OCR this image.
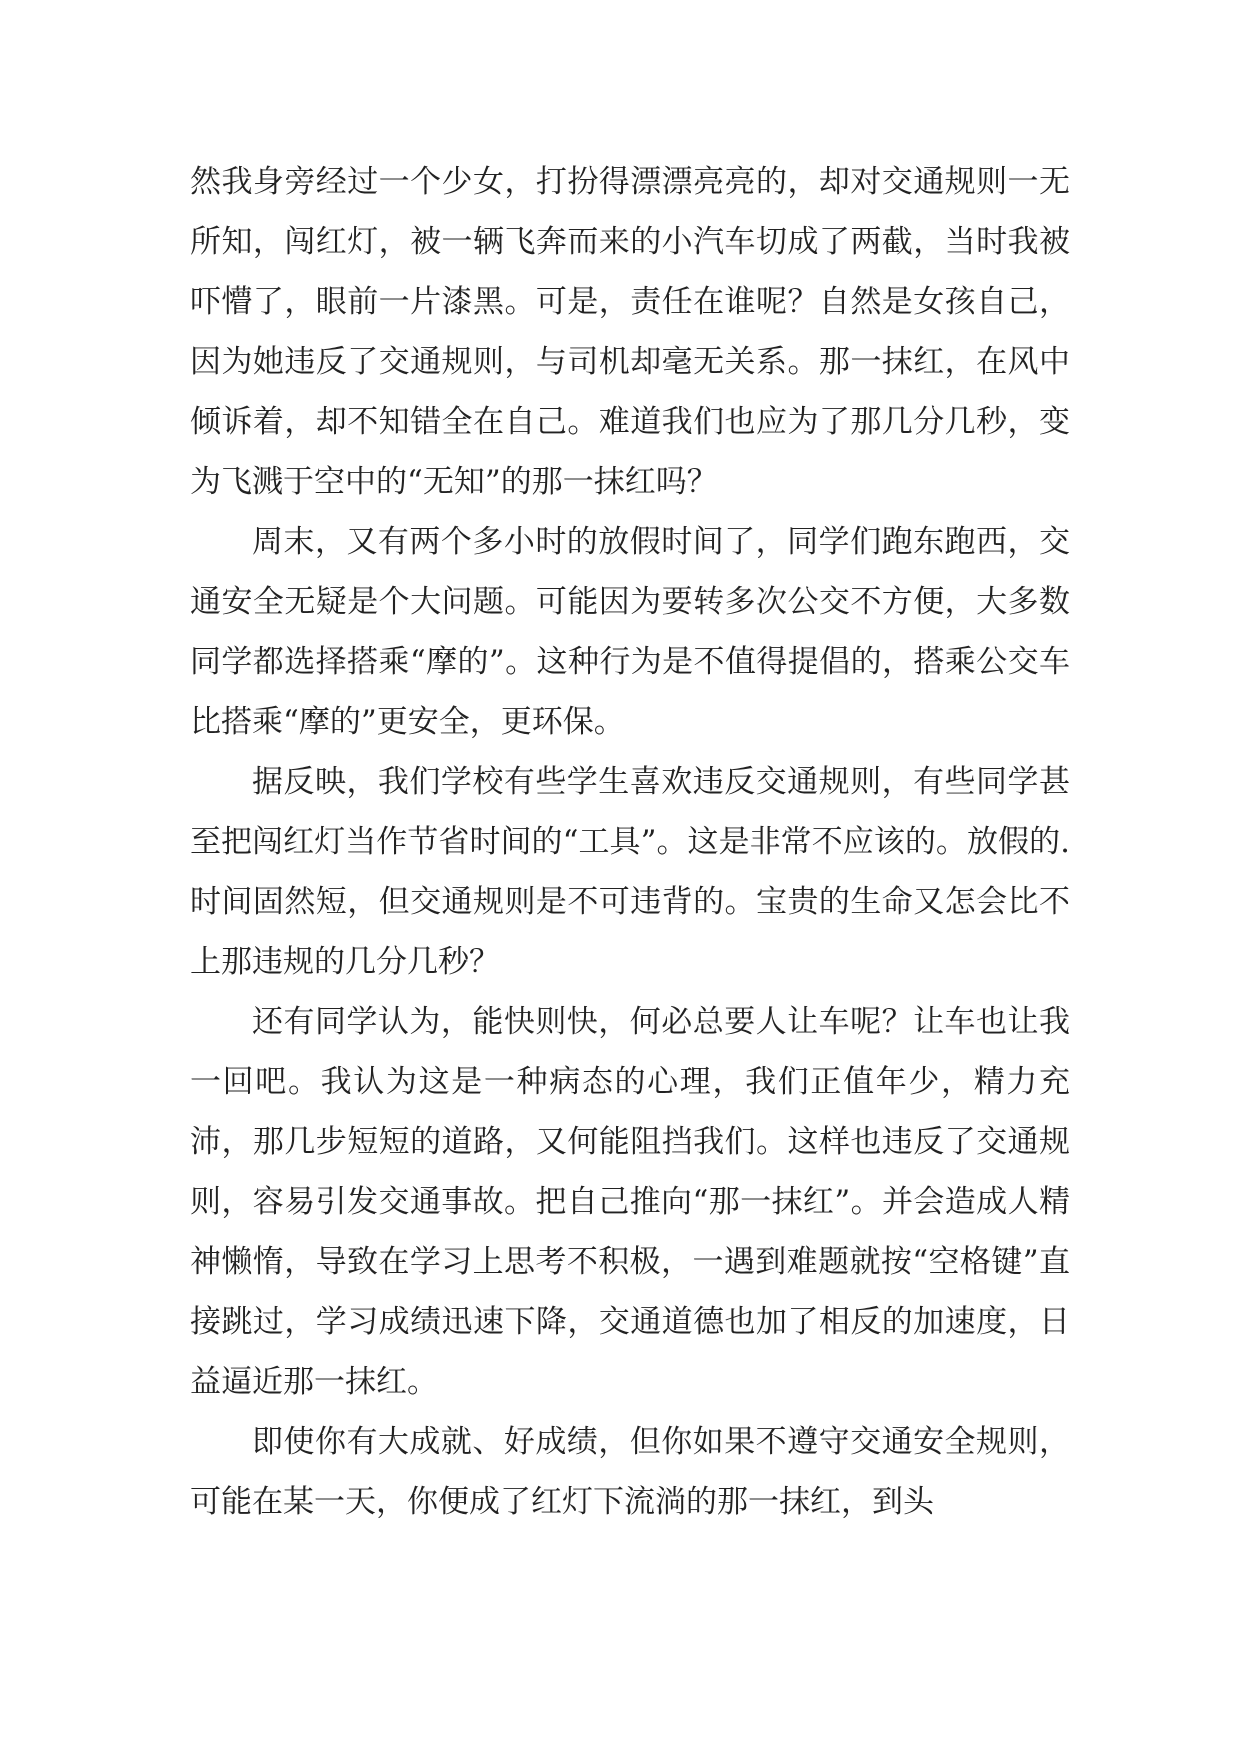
然我身旁经过一个少女，打扮得漂漂亮亮的，却对交通规则一无所知，闯红灯，被一辆飞奔而来的小汽车切成了两截，当时我被吓懵了，眼前一片漆黑。可是，责任在谁呢？自然是女孩自己，因为她违反了交通规则，与司机却毫无关系。那一抹红，在风中倾诉着，却不知错全在自己。难道我们也应为了那几分几秒，变为飞溅于空中的“无知”的那一抹红吗？

周末，又有两个多小时的放假时间了，同学们跑东跑西，交通安全无疑是个大问题。可能因为要转多次公交不方便，大多数同学都选择搭乘“摩的”。这种行为是不值得提倡的，搭乘公交车比搭乘“摩的”更安全，更环保。

据反映，我们学校有些学生喜欢违反交通规则，有些同学甚至把闯红灯当作节省时间的“工具”。这是非常不应该的。放假的.时间固然短，但交通规则是不可违背的。宝贵的生命又怎会比不上那违规的几分几秒？

还有同学认为，能快则快，何必总要人让车呢？让车也让我一回吧。我认为这是一种病态的心理，我们正值年少，精力充沛，那几步短短的道路，又何能阻挡我们。这样也违反了交通规则，容易引发交通事故。把自己推向“那一抹红”。并会造成人精神懒惰，导致在学习上思考不积极，一遇到难题就按“空格键”直接跳过，学习成绩迅速下降，交通道德也加了相反的加速度，日益逼近那一抹红。

即使你有大成就、好成绩，但你如果不遵守交通安全规则，可能在某一天，你便成了红灯下流淌的那一抹红，到头
